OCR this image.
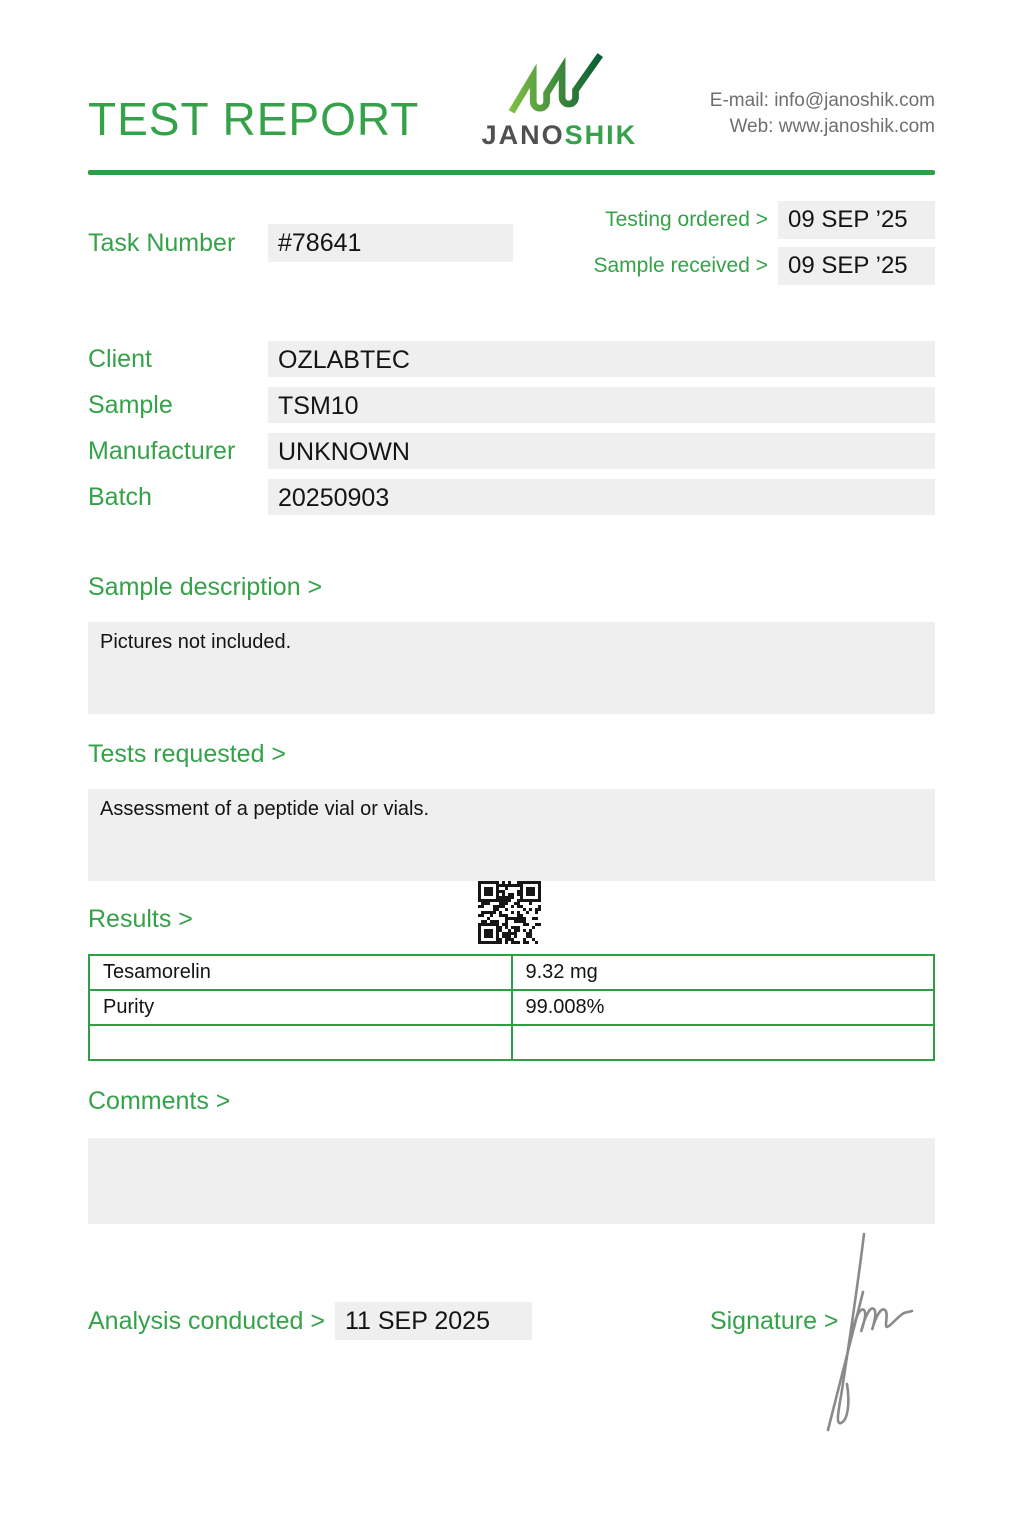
TEST REPORT JANOSHIK
E-mail: info@janoshik.com
Web: www.janoshik.com
Task Number	#78641
Testing ordered > 09 SEP ’25
Sample received > 09 SEP ’25
Client	OZLABTEC
Sample	TSM10
Manufacturer	UNKNOWN
Batch	20250903
Sample description >
Pictures not included.
Tests requested >
Assessment of a peptide vial or vials.
Results >
Tesamorelin	9.32 mg
Purity	99.008%

Comments >
Analysis conducted > 11 SEP 2025	Signature >
